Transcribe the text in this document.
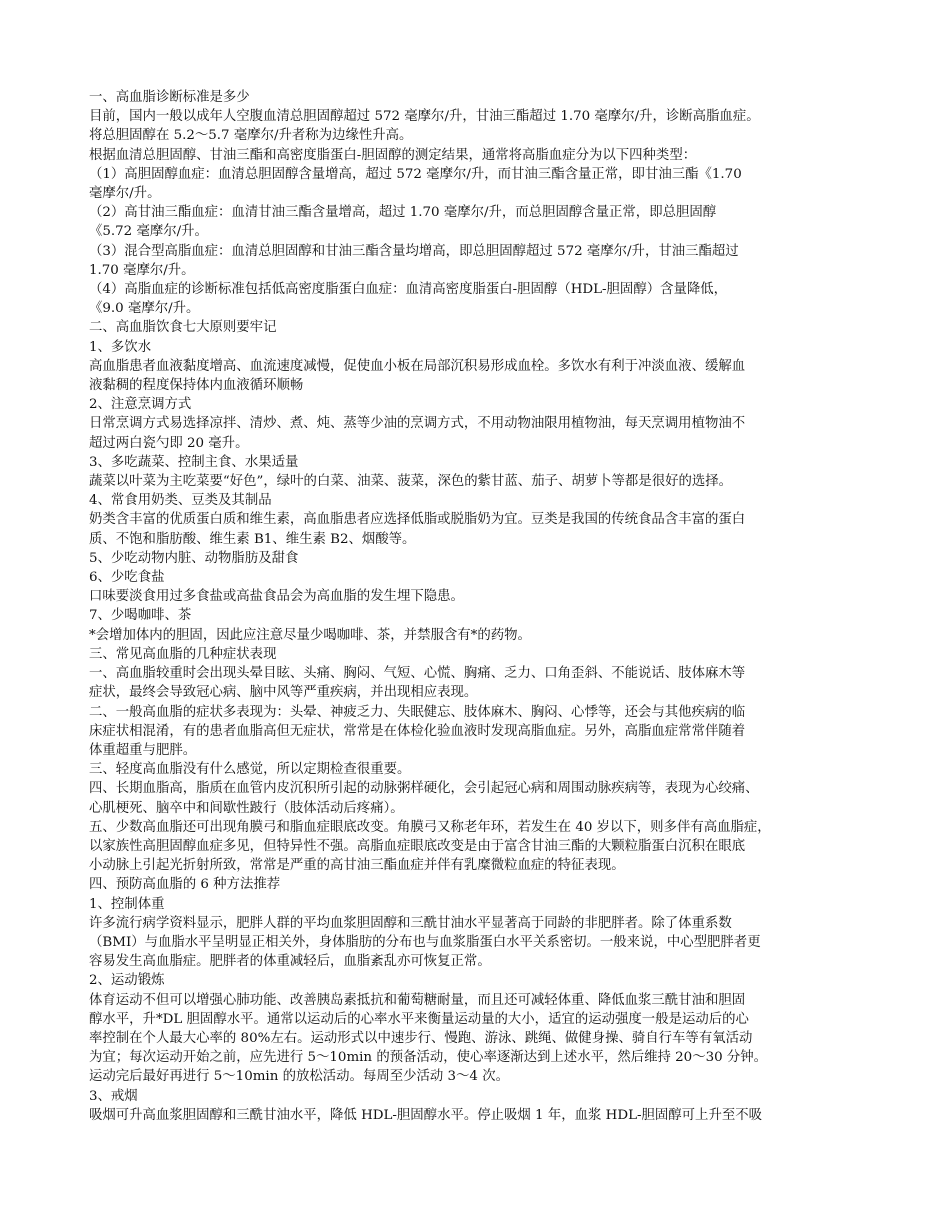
一、高血脂诊断标准是多少
目前，国内一般以成年人空腹血清总胆固醇超过 572 毫摩尔/升，甘油三酯超过 1.70 毫摩尔/升，诊断高脂血症。
将总胆固醇在 5.2～5.7 毫摩尔/升者称为边缘性升高。
根据血清总胆固醇、甘油三酯和高密度脂蛋白-胆固醇的测定结果，通常将高脂血症分为以下四种类型：
（1）高胆固醇血症：血清总胆固醇含量增高，超过 572 毫摩尔/升，而甘油三酯含量正常，即甘油三酯《1.70
毫摩尔/升。
（2）高甘油三酯血症：血清甘油三酯含量增高，超过 1.70 毫摩尔/升，而总胆固醇含量正常，即总胆固醇
《5.72 毫摩尔/升。
（3）混合型高脂血症：血清总胆固醇和甘油三酯含量均增高，即总胆固醇超过 572 毫摩尔/升，甘油三酯超过
1.70 毫摩尔/升。
（4）高脂血症的诊断标准包括低高密度脂蛋白血症：血清高密度脂蛋白-胆固醇（HDL-胆固醇）含量降低，
《9.0 毫摩尔/升。
二、高血脂饮食七大原则要牢记
1、多饮水
高血脂患者血液黏度增高、血流速度减慢，促使血小板在局部沉积易形成血栓。多饮水有利于冲淡血液、缓解血
液黏稠的程度保持体内血液循环顺畅
2、注意烹调方式
日常烹调方式易选择凉拌、清炒、煮、炖、蒸等少油的烹调方式，不用动物油限用植物油，每天烹调用植物油不
超过两白瓷勺即 20 毫升。
3、多吃蔬菜、控制主食、水果适量
蔬菜以叶菜为主吃菜要“好色”，绿叶的白菜、油菜、菠菜，深色的紫甘蓝、茄子、胡萝卜等都是很好的选择。
4、常食用奶类、豆类及其制品
奶类含丰富的优质蛋白质和维生素，高血脂患者应选择低脂或脱脂奶为宜。豆类是我国的传统食品含丰富的蛋白
质、不饱和脂肪酸、维生素 B1、维生素 B2、烟酸等。
5、少吃动物内脏、动物脂肪及甜食
6、少吃食盐
口味要淡食用过多食盐或高盐食品会为高血脂的发生埋下隐患。
7、少喝咖啡、茶
*会增加体内的胆固，因此应注意尽量少喝咖啡、茶，并禁服含有*的药物。
三、常见高血脂的几种症状表现
一、高血脂较重时会出现头晕目眩、头痛、胸闷、气短、心慌、胸痛、乏力、口角歪斜、不能说话、肢体麻木等
症状，最终会导致冠心病、脑中风等严重疾病，并出现相应表现。
二、一般高血脂的症状多表现为：头晕、神疲乏力、失眠健忘、肢体麻木、胸闷、心悸等，还会与其他疾病的临
床症状相混淆，有的患者血脂高但无症状，常常是在体检化验血液时发现高脂血症。另外，高脂血症常常伴随着
体重超重与肥胖。
三、轻度高血脂没有什么感觉，所以定期检查很重要。
四、长期血脂高，脂质在血管内皮沉积所引起的动脉粥样硬化，会引起冠心病和周围动脉疾病等，表现为心绞痛、
心肌梗死、脑卒中和间歇性跛行（肢体活动后疼痛）。
五、少数高血脂还可出现角膜弓和脂血症眼底改变。角膜弓又称老年环，若发生在 40 岁以下，则多伴有高血脂症，
以家族性高胆固醇血症多见，但特异性不强。高脂血症眼底改变是由于富含甘油三酯的大颗粒脂蛋白沉积在眼底
小动脉上引起光折射所致，常常是严重的高甘油三酯血症并伴有乳糜微粒血症的特征表现。
四、预防高血脂的 6 种方法推荐
1、控制体重
许多流行病学资料显示，肥胖人群的平均血浆胆固醇和三酰甘油水平显著高于同龄的非肥胖者。除了体重系数
（BMI）与血脂水平呈明显正相关外，身体脂肪的分布也与血浆脂蛋白水平关系密切。一般来说，中心型肥胖者更
容易发生高血脂症。肥胖者的体重减轻后，血脂紊乱亦可恢复正常。
2、运动锻炼
体育运动不但可以增强心肺功能、改善胰岛素抵抗和葡萄糖耐量，而且还可减轻体重、降低血浆三酰甘油和胆固
醇水平，升*DL 胆固醇水平。通常以运动后的心率水平来衡量运动量的大小，适宜的运动强度一般是运动后的心
率控制在个人最大心率的 80%左右。运动形式以中速步行、慢跑、游泳、跳绳、做健身操、骑自行车等有氧活动
为宜；每次运动开始之前，应先进行 5～10min 的预备活动，使心率逐渐达到上述水平，然后维持 20～30 分钟。
运动完后最好再进行 5～10min 的放松活动。每周至少活动 3～4 次。
3、戒烟
吸烟可升高血浆胆固醇和三酰甘油水平，降低 HDL-胆固醇水平。停止吸烟 1 年，血浆 HDL-胆固醇可上升至不吸
